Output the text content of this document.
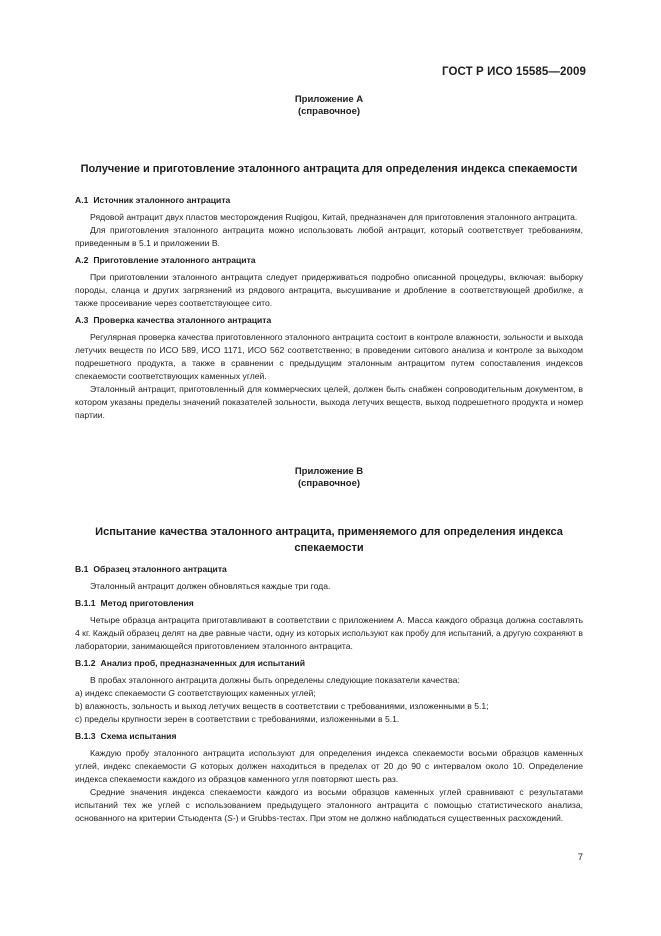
ГОСТ Р ИСО 15585—2009
Приложение А
(справочное)
Получение и приготовление эталонного антрацита для определения индекса спекаемости
А.1 Источник эталонного антрацита

Рядовой антрацит двух пластов месторождения Ruqigou, Китай, предназначен для приготовления эталонного антрацита.

Для приготовления эталонного антрацита можно использовать любой антрацит, который соответствует требованиям, приведенным в 5.1 и приложении В.

А.2 Приготовление эталонного антрацита

При приготовлении эталонного антрацита следует придерживаться подробно описанной процедуры, включая: выборку породы, сланца и других загрязнений из рядового антрацита, высушивание и дробление в соответствующей дробилке, а также просеивание через соответствующее сито.

А.3 Проверка качества эталонного антрацита

Регулярная проверка качества приготовленного эталонного антрацита состоит в контроле влажности, зольности и выхода летучих веществ по ИСО 589, ИСО 1171, ИСО 562 соответственно; в проведении ситового анализа и контроле за выходом подрешетного продукта, а также в сравнении с предыдущим эталонным антрацитом путем сопоставления индексов спекаемости соответствующих каменных углей.

Эталонный антрацит, приготовленный для коммерческих целей, должен быть снабжен сопроводительным документом, в котором указаны пределы значений показателей зольности, выхода летучих веществ, выход подрешетного продукта и номер партии.

Приложение В
(справочное)
Испытание качества эталонного антрацита, применяемого для определения индекса
спекаемости
В.1 Образец эталонного антрацита

Эталонный антрацит должен обновляться каждые три года.

В.1.1 Метод приготовления

Четыре образца антрацита приготавливают в соответствии с приложением А. Масса каждого образца должна составлять 4 кг. Каждый образец делят на две равные части, одну из которых используют как пробу для испытаний, а другую сохраняют в лаборатории, занимающейся приготовлением эталонного антрацита.

В.1.2 Анализ проб, предназначенных для испытаний

В пробах эталонного антрацита должны быть определены следующие показатели качества:

а) индекс спекаемости G соответствующих каменных углей;

b) влажность, зольность и выход летучих веществ в соответствии с требованиями, изложенными в 5.1;

c) пределы крупности зерен в соответствии с требованиями, изложенными в 5.1.

В.1.3 Схема испытания

Каждую пробу эталонного антрацита используют для определения индекса спекаемости восьми образцов каменных углей, индекс спекаемости G которых должен находиться в пределах от 20 до 90 с интервалом около 10. Определение индекса спекаемости каждого из образцов каменного угля повторяют шесть раз.

Средние значения индекса спекаемости каждого из восьми образцов каменных углей сравнивают с результатами испытаний тех же углей с использованием предыдущего эталонного антрацита с помощью статистического анализа, основанного на критерии Стьюдента (S-) и Grubbs-тестах. При этом не должно наблюдаться существенных расхождений.

7
